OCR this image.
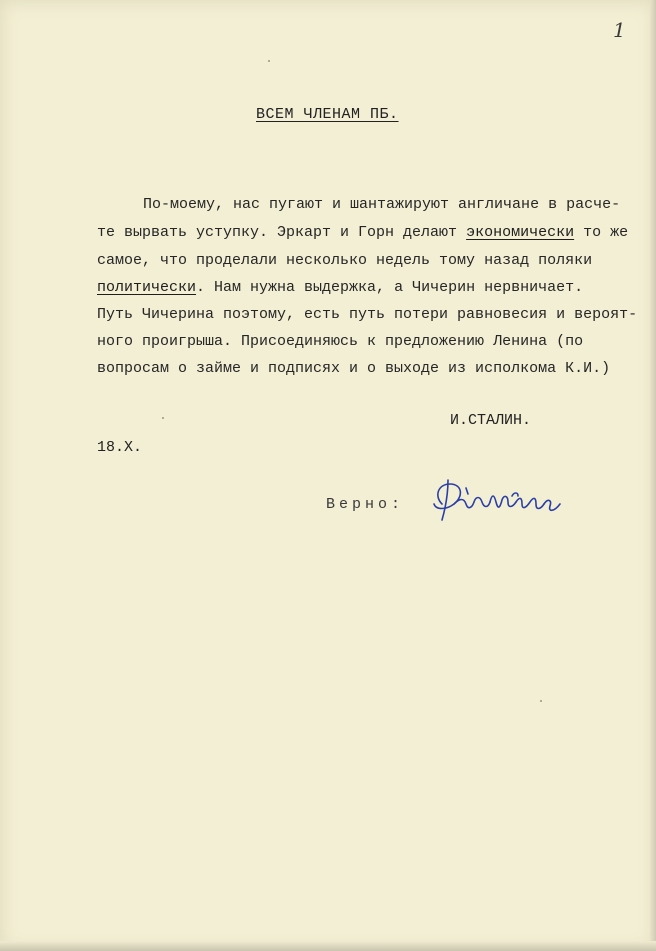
1
ВСЕМ ЧЛЕНАМ ПБ.
По-моему, нас пугают и шантажируют англичане в расче-
те вырвать уступку. Эркарт и Горн делают экономически то же
самое, что проделали несколько недель тому назад поляки
политически. Нам нужна выдержка, а Чичерин нервничает.
Путь Чичерина поэтому, есть путь потери равновесия и вероят-
ного проигрыша. Присоединяюсь к предложению Ленина (по
вопросам о займе и подписях и о выходе из исполкома К.И.)
И.СТАЛИН.
18.Х.
Верно:
